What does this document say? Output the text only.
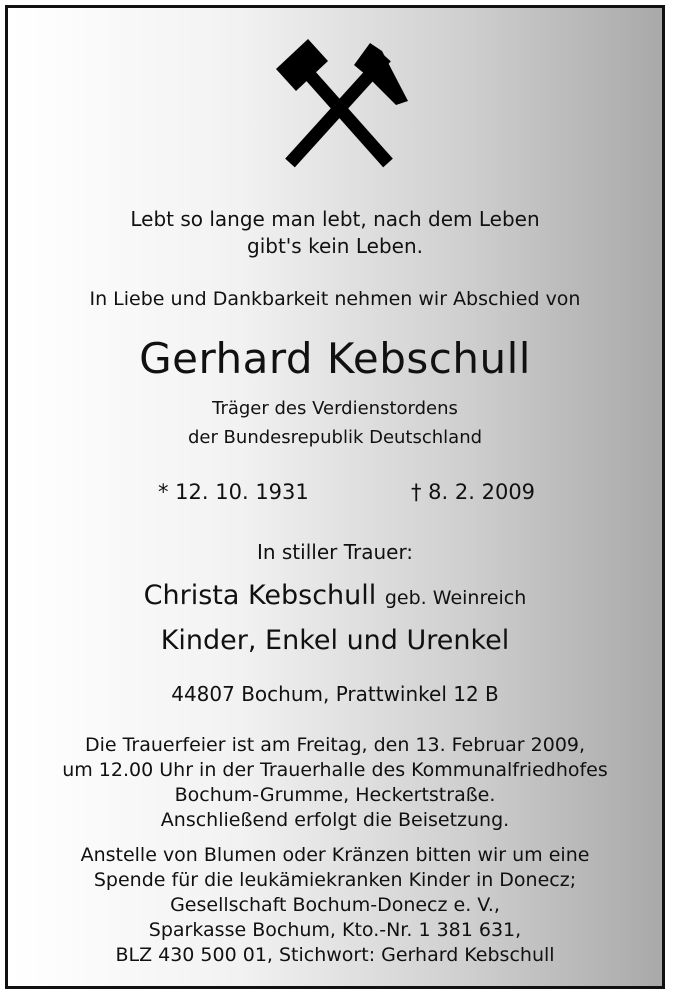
Lebt so lange man lebt, nach dem Leben
gibt's kein Leben.
In Liebe und Dankbarkeit nehmen wir Abschied von
Gerhard Kebschull
Träger des Verdienstordens
der Bundesrepublik Deutschland
* 12. 10. 1931	† 8. 2. 2009
In stiller Trauer:
Christa Kebschull geb. Weinreich
Kinder, Enkel und Urenkel
44807 Bochum, Prattwinkel 12 B
Die Trauerfeier ist am Freitag, den 13. Februar 2009,
um 12.00 Uhr in der Trauerhalle des Kommunalfriedhofes
Bochum-Grumme, Heckertstraße.
Anschließend erfolgt die Beisetzung.
Anstelle von Blumen oder Kränzen bitten wir um eine
Spende für die leukämiekranken Kinder in Donecz;
Gesellschaft Bochum-Donecz e. V.,
Sparkasse Bochum, Kto.-Nr. 1 381 631,
BLZ 430 500 01, Stichwort: Gerhard Kebschull
